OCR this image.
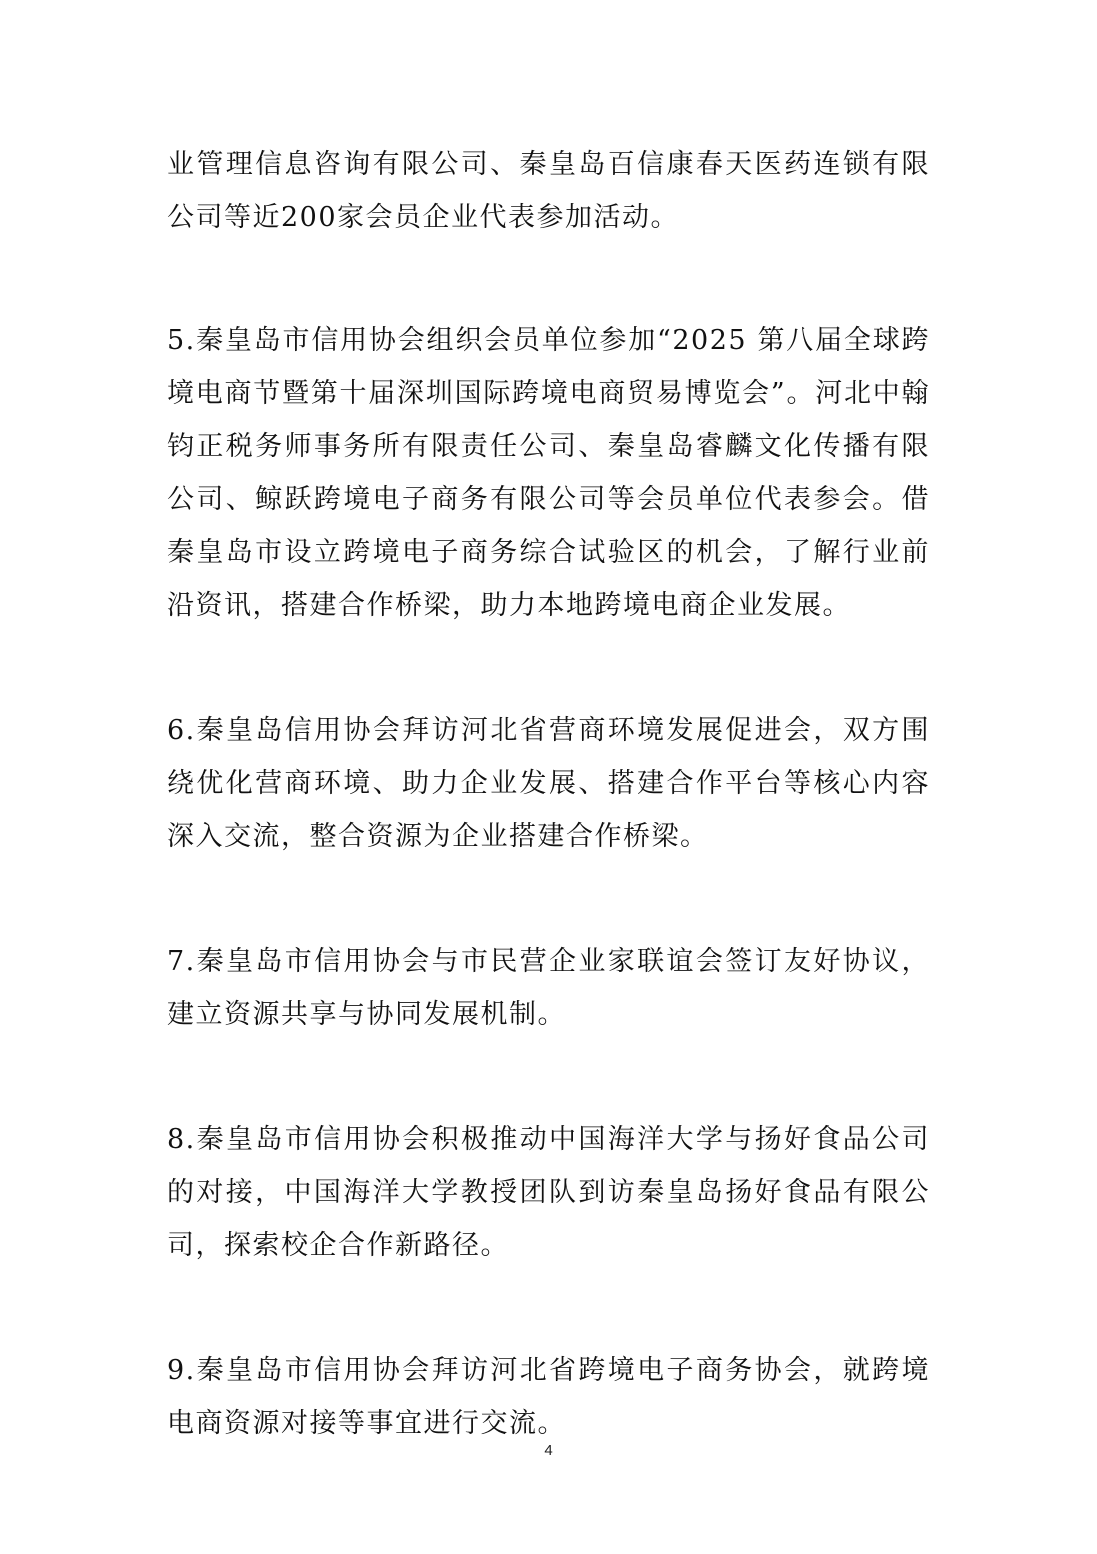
业管理信息咨询有限公司、秦皇岛百信康春天医药连锁有限公司等近200家会员企业代表参加活动。

5.秦皇岛市信用协会组织会员单位参加“2025 第八届全球跨境电商节暨第十届深圳国际跨境电商贸易博览会”。河北中翰钧正税务师事务所有限责任公司、秦皇岛睿麟文化传播有限公司、鲸跃跨境电子商务有限公司等会员单位代表参会。借秦皇岛市设立跨境电子商务综合试验区的机会，了解行业前沿资讯，搭建合作桥梁，助力本地跨境电商企业发展。

6.秦皇岛信用协会拜访河北省营商环境发展促进会，双方围绕优化营商环境、助力企业发展、搭建合作平台等核心内容深入交流，整合资源为企业搭建合作桥梁。

7.秦皇岛市信用协会与市民营企业家联谊会签订友好协议，建立资源共享与协同发展机制。

8.秦皇岛市信用协会积极推动中国海洋大学与扬好食品公司的对接，中国海洋大学教授团队到访秦皇岛扬好食品有限公司，探索校企合作新路径。

9.秦皇岛市信用协会拜访河北省跨境电子商务协会，就跨境电商资源对接等事宜进行交流。

4
